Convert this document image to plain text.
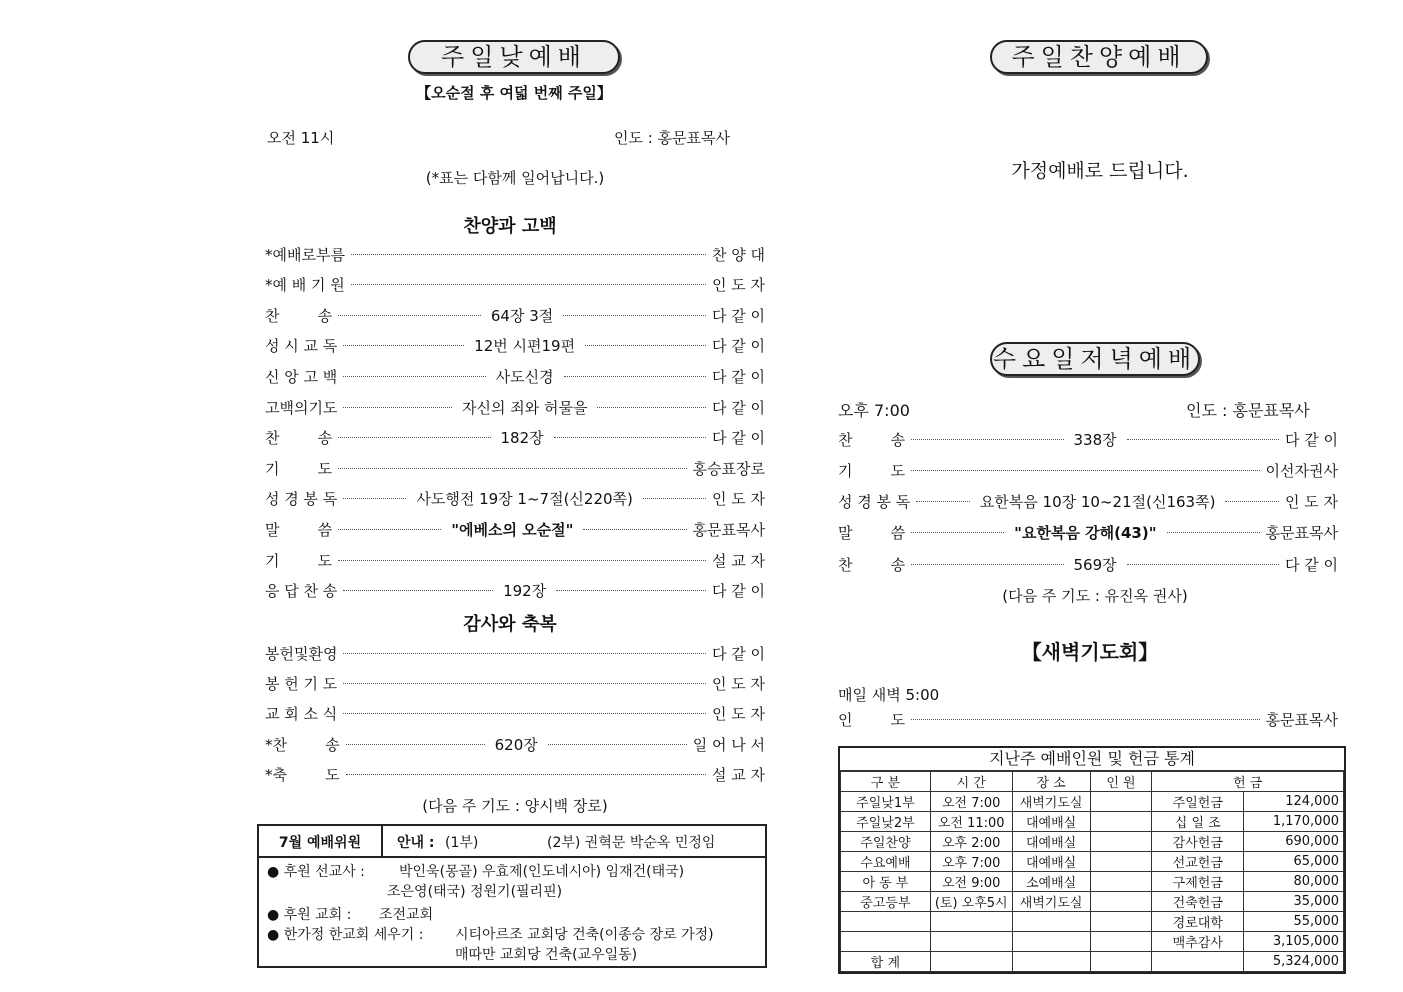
주일낮예배
【오순절 후 여덟 번째 주일】
오전 11시	인도 : 홍문표목사
(*표는 다함께 일어납니다.)
찬양과 고백
*예배로부름	찬 양 대
*예 배 기 원	인 도 자
찬        송	64장 3절	다 같 이
성 시 교 독	12번 시편19편	다 같 이
신 앙 고 백	사도신경	다 같 이
고백의기도	자신의 죄와 허물을	다 같 이
찬        송	182장	다 같 이
기        도	홍승표장로
성 경 봉 독	사도행전 19장 1~7절(신220쪽)	인 도 자
말        씀	"에베소의 오순절"	홍문표목사
기        도	설 교 자
응 답 찬 송	192장	다 같 이
감사와 축복
봉헌및환영	다 같 이
봉 헌 기 도	인 도 자
교 회 소 식	인 도 자
*찬        송	620장	일 어 나 서
*축        도	설 교 자
(다음 주 기도 : 양시백 장로)
7월 예배위원	안내 : (1부)	(2부) 권혁문 박순옥 민정임
● 후원 선교사 : 박인욱(몽골) 우효제(인도네시아) 임재건(태국)
조은영(태국) 정원기(필리핀)
● 후원 교회 : 조전교회
● 한가정 한교회 세우기 : 시티아르조 교회당 건축(이종승 장로 가정)
매따만 교회당 건축(교우일동)
주일찬양예배
가정예배로 드립니다.
수요일저녁예배
오후 7:00	인도 : 홍문표목사
찬        송	338장	다 같 이
기        도	이선자권사
성 경 봉 독	요한복음 10장 10~21절(신163쪽)	인 도 자
말        씀	"요한복음 강해(43)"	홍문표목사
찬        송	569장	다 같 이
(다음 주 기도 : 유진옥 권사)
【새벽기도회】
매일 새벽 5:00
인        도	홍문표목사
지난주 예배인원 및 헌금 통계
구 분	시 간	장 소	인 원	헌 금	
주일낮1부	오전 7:00	새벽기도실		주일헌금	124,000
주일낮2부	오전 11:00	대예배실		십 일 조	1,170,000
주일찬양	오후 2:00	대예배실		감사헌금	690,000
수요예배	오후 7:00	대예배실		선교헌금	65,000
아 동 부	오전 9:00	소예배실		구제헌금	80,000
중고등부	(토) 오후5시	새벽기도실		건축헌금	35,000
				경로대학	55,000
				맥추감사	3,105,000
합 계					5,324,000
